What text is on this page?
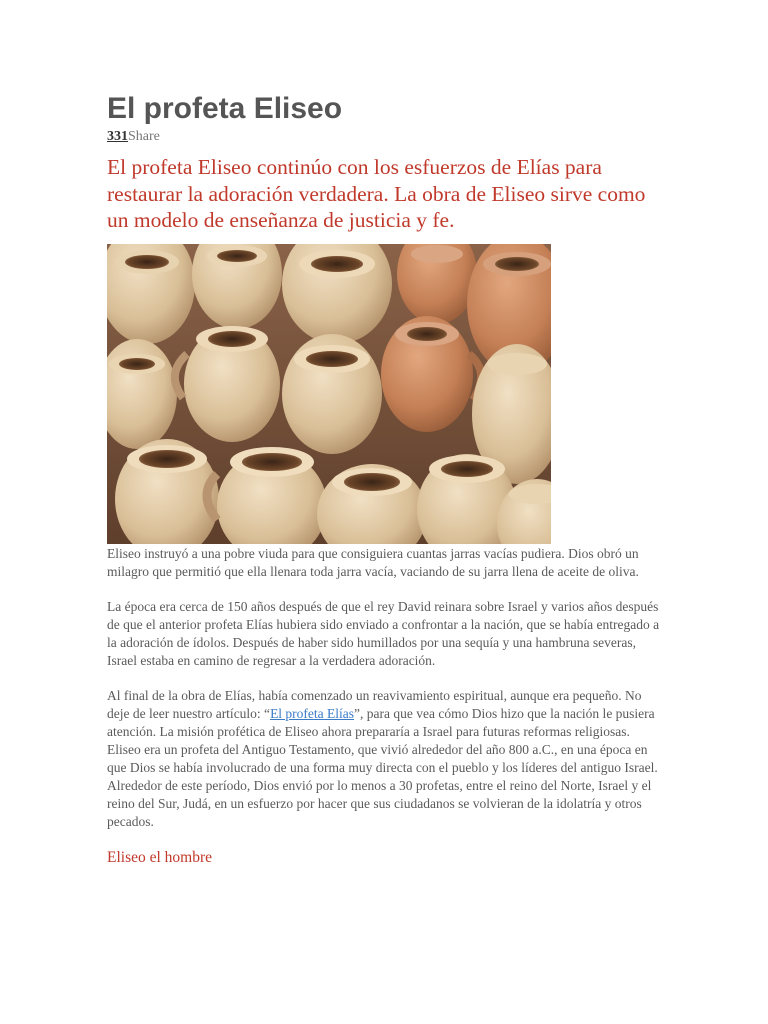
El profeta Eliseo
331Share

El profeta Eliseo continúo con los esfuerzos de Elías para restaurar la adoración verdadera. La obra de Eliseo sirve como un modelo de enseñanza de justicia y fe.

Eliseo instruyó a una pobre viuda para que consiguiera cuantas jarras vacías pudiera. Dios obró un milagro que permitió que ella llenara toda jarra vacía, vaciando de su jarra llena de aceite de oliva.

La época era cerca de 150 años después de que el rey David reinara sobre Israel y varios años después de que el anterior profeta Elías hubiera sido enviado a confrontar a la nación, que se había entregado a la adoración de ídolos. Después de haber sido humillados por una sequía y una hambruna severas, Israel estaba en camino de regresar a la verdadera adoración.

Al final de la obra de Elías, había comenzado un reavivamiento espiritual, aunque era pequeño. No deje de leer nuestro artículo: “El profeta Elías”, para que vea cómo Dios hizo que la nación le pusiera atención. La misión profética de Eliseo ahora prepararía a Israel para futuras reformas religiosas.

Eliseo era un profeta del Antiguo Testamento, que vivió alrededor del año 800 a.C., en una época en que Dios se había involucrado de una forma muy directa con el pueblo y los líderes del antiguo Israel. Alrededor de este período, Dios envió por lo menos a 30 profetas, entre el reino del Norte, Israel y el reino del Sur, Judá, en un esfuerzo por hacer que sus ciudadanos se volvieran de la idolatría y otros pecados.

Eliseo el hombre
